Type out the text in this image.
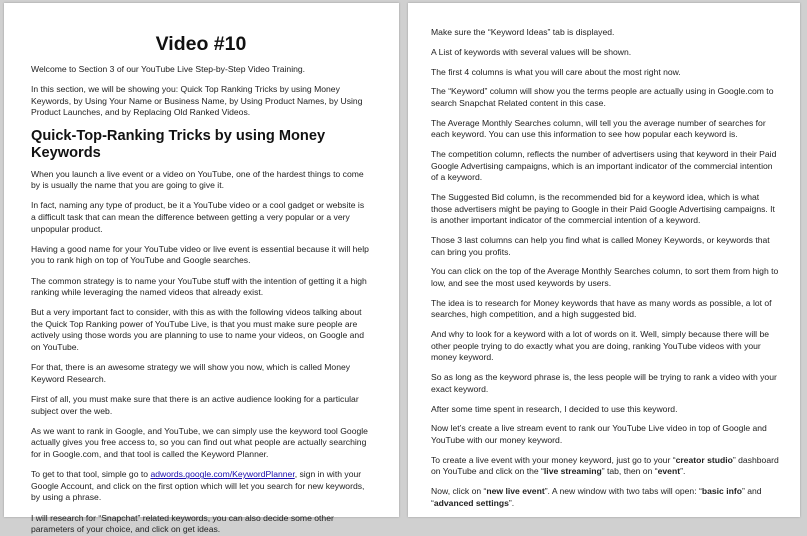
Video #10

Welcome to Section 3 of our YouTube Live Step-by-Step Video Training.

In this section, we will be showing you: Quick Top Ranking Tricks by using Money Keywords, by Using Your Name or Business Name, by Using Product Names, by Using Product Launches, and by Replacing Old Ranked Videos.

Quick-Top-Ranking Tricks by using Money Keywords

When you launch a live event or a video on YouTube, one of the hardest things to come by is usually the name that you are going to give it.

In fact, naming any type of product, be it a YouTube video or a cool gadget or website is a difficult task that can mean the difference between getting a very popular or a very unpopular product.

Having a good name for your YouTube video or live event is essential because it will help you to rank high on top of YouTube and Google searches.

The common strategy is to name your YouTube stuff with the intention of getting it a high ranking while leveraging the named videos that already exist.

But a very important fact to consider, with this as with the following videos talking about the Quick Top Ranking power of YouTube Live, is that you must make sure people are actively using those words you are planning to use to name your videos, on Google and on YouTube.

For that, there is an awesome strategy we will show you now, which is called Money Keyword Research.

First of all, you must make sure that there is an active audience looking for a particular subject over the web.

As we want to rank in Google, and YouTube, we can simply use the keyword tool Google actually gives you free access to, so you can find out what people are actually searching for in Google.com, and that tool is called the Keyword Planner.

To get to that tool, simple go to adwords.google.com/KeywordPlanner, sign in with your Google Account, and click on the first option which will let you search for new keywords, by using a phrase.

I will research for “Snapchat” related keywords, you can also decide some other parameters of your choice, and click on get ideas.

Make sure the “Keyword Ideas” tab is displayed.

A List of keywords with several values will be shown.

The first 4 columns is what you will care about the most right now.

The “Keyword” column will show you the terms people are actually using in Google.com to search Snapchat Related content in this case.

The Average Monthly Searches column, will tell you the average number of searches for each keyword. You can use this information to see how popular each keyword is.

The competition column, reflects the number of advertisers using that keyword in their Paid Google Advertising campaigns, which is an important indicator of the commercial intention of a keyword.

The Suggested Bid column, is the recommended bid for a keyword idea, which is what those advertisers might be paying to Google in their Paid Google Advertising campaigns. It is another important indicator of the commercial intention of a keyword.

Those 3 last columns can help you find what is called Money Keywords, or keywords that can bring you profits.

You can click on the top of the Average Monthly Searches column, to sort them from high to low, and see the most used keywords by users.

The idea is to research for Money keywords that have as many words as possible, a lot of searches, high competition, and a high suggested bid.

And why to look for a keyword with a lot of words on it. Well, simply because there will be other people trying to do exactly what you are doing, ranking YouTube videos with your money keyword.

So as long as the keyword phrase is, the less people will be trying to rank a video with your exact keyword.

After some time spent in research, I decided to use this keyword.

Now let’s create a live stream event to rank our YouTube Live video in top of Google and YouTube with our money keyword.

To create a live event with your money keyword, just go to your “creator studio” dashboard on YouTube and click on the “live streaming” tab, then on “event”.

Now, click on “new live event”. A new window with two tabs will open: “basic info” and “advanced settings”.
